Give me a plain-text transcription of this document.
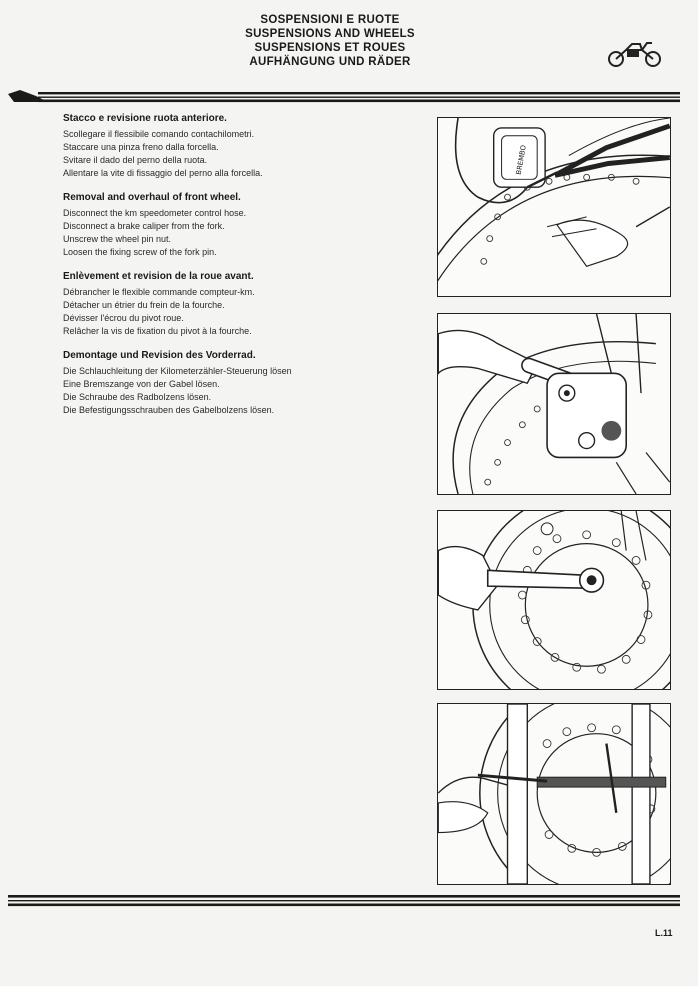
SOSPENSIONI E RUOTE
SUSPENSIONS AND WHEELS
SUSPENSIONS ET ROUES
AUFHÄNGUNG UND RÄDER
Stacco e revisione ruota anteriore.

Scollegare il flessibile comando contachilometri.

Staccare una pinza freno dalla forcella.

Svitare il dado del perno della ruota.

Allentare la vite di fissaggio del perno alla forcella.

Removal and overhaul of front wheel.

Disconnect the km speedometer control hose.

Disconnect a brake caliper from the fork.

Unscrew the wheel pin nut.

Loosen the fixing screw of the fork pin.

Enlèvement et revision de la roue avant.

Débrancher le flexible commande compteur-km.

Détacher un étrier du frein de la fourche.

Dévisser l'écrou du pivot roue.

Relâcher la vis de fixation du pivot à la fourche.

Demontage und Revision des Vorderrad.

Die Schlauchleitung der Kilometerzähler-Steuerung lösen

Eine Bremszange von der Gabel lösen.

Die Schraube des Radbolzens lösen.

Die Befestigungsschrauben des Gabelbolzens lösen.

BREMBO
L.11
